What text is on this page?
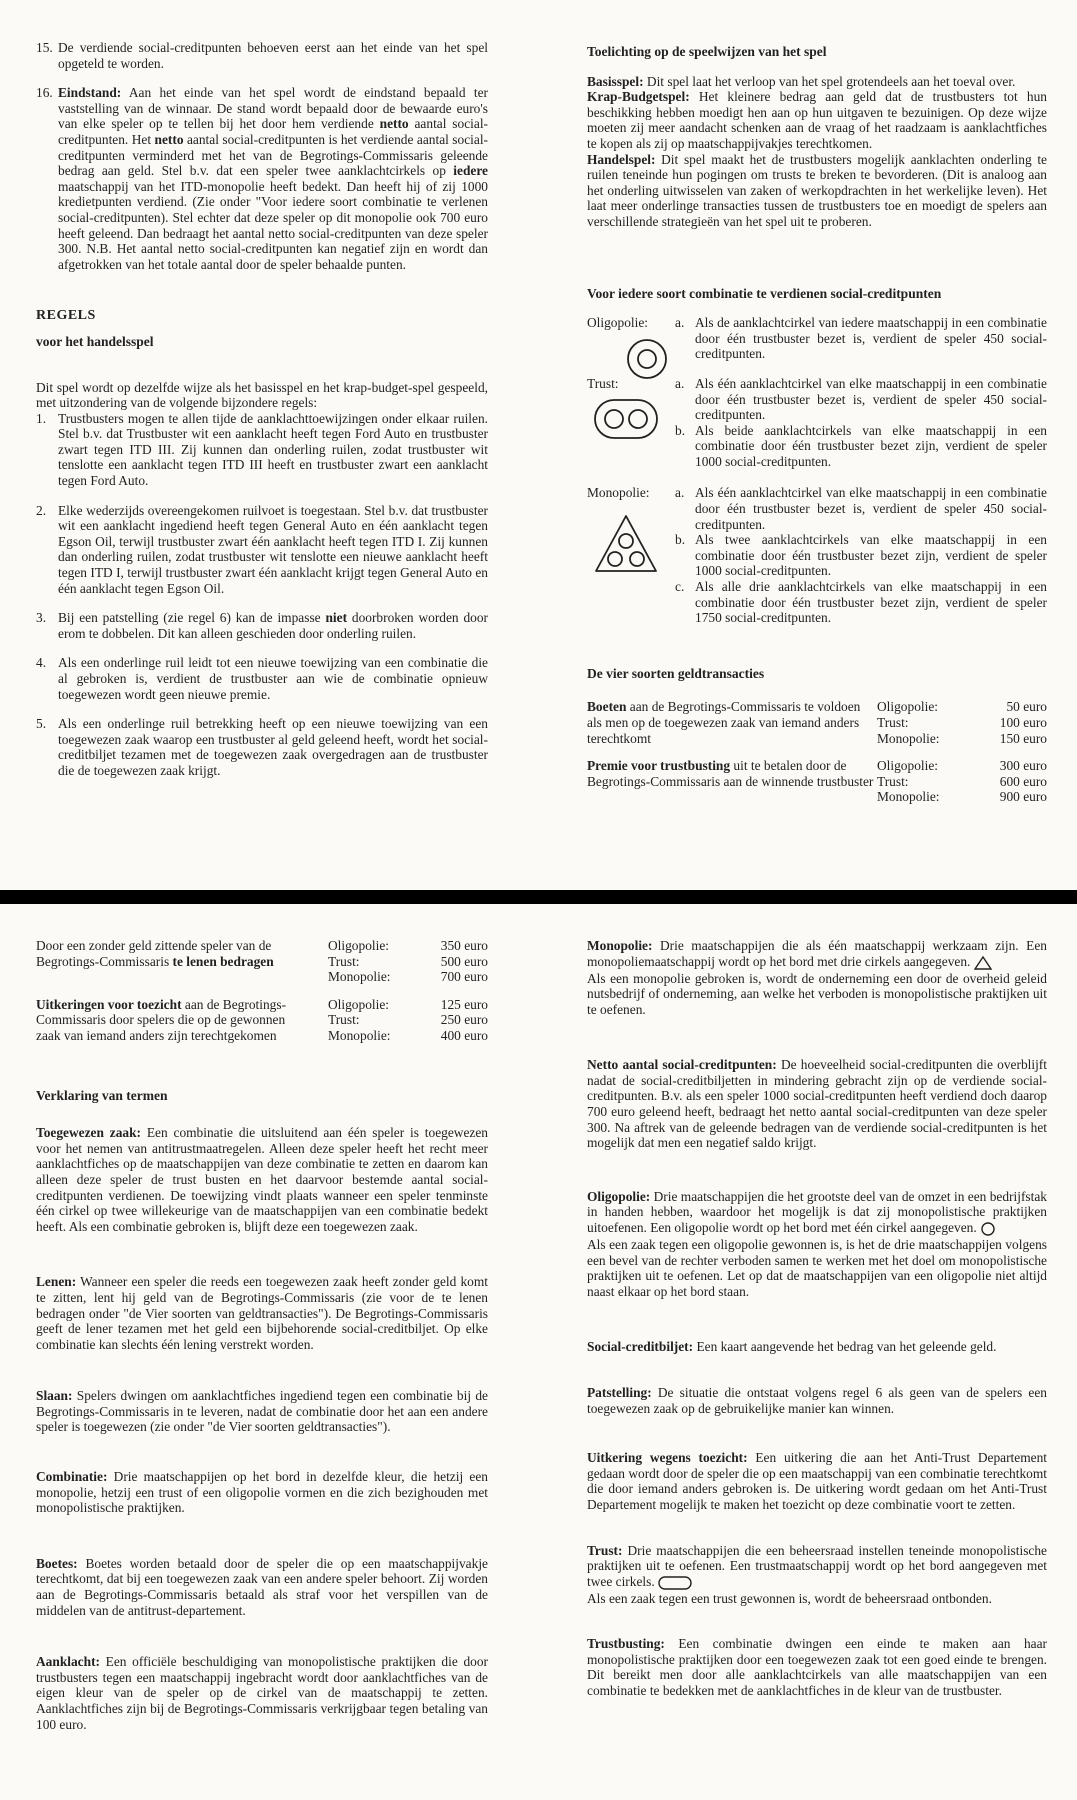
15. De verdiende social-creditpunten behoeven eerst aan het einde van het spel opgeteld te worden.
16. Eindstand: Aan het einde van het spel wordt de eindstand bepaald ter vaststelling van de winnaar. De stand wordt bepaald door de bewaarde euro's van elke speler op te tellen bij het door hem verdiende netto aantal social-creditpunten. Het netto aantal social-creditpunten is het verdiende aantal social-creditpunten verminderd met het van de Begrotings-Commissaris geleende bedrag aan geld. Stel b.v. dat een speler twee aanklachtcirkels op iedere maatschappij van het ITD-monopolie heeft bedekt. Dan heeft hij of zij 1000 kredietpunten verdiend. (Zie onder "Voor iedere soort combinatie te verlenen social-creditpunten). Stel echter dat deze speler op dit monopolie ook 700 euro heeft geleend. Dan bedraagt het aantal netto social-creditpunten van deze speler 300. N.B. Het aantal netto social-creditpunten kan negatief zijn en wordt dan afgetrokken van het totale aantal door de speler behaalde punten.

REGELS

voor het handelsspel

Dit spel wordt op dezelfde wijze als het basisspel en het krap-budget-spel gespeeld, met uitzondering van de volgende bijzondere regels:

1. Trustbusters mogen te allen tijde de aanklachttoewijzingen onder elkaar ruilen. Stel b.v. dat Trustbuster wit een aanklacht heeft tegen Ford Auto en trustbuster zwart tegen ITD III. Zij kunnen dan onderling ruilen, zodat trustbuster wit tenslotte een aanklacht tegen ITD III heeft en trustbuster zwart een aanklacht tegen Ford Auto.
2. Elke wederzijds overeengekomen ruilvoet is toegestaan. Stel b.v. dat trustbuster wit een aanklacht ingediend heeft tegen General Auto en één aanklacht tegen Egson Oil, terwijl trustbuster zwart één aanklacht heeft tegen ITD I. Zij kunnen dan onderling ruilen, zodat trustbuster wit tenslotte een nieuwe aanklacht heeft tegen ITD I, terwijl trustbuster zwart één aanklacht krijgt tegen General Auto en één aanklacht tegen Egson Oil.
3. Bij een patstelling (zie regel 6) kan de impasse niet doorbroken worden door erom te dobbelen. Dit kan alleen geschieden door onderling ruilen.
4. Als een onderlinge ruil leidt tot een nieuwe toewijzing van een combinatie die al gebroken is, verdient de trustbuster aan wie de combinatie opnieuw toegewezen wordt geen nieuwe premie.
5. Als een onderlinge ruil betrekking heeft op een nieuwe toewijzing van een toegewezen zaak waarop een trustbuster al geld geleend heeft, wordt het social-creditbiljet tezamen met de toegewezen zaak overgedragen aan de trustbuster die de toegewezen zaak krijgt.
Toelichting op de speelwijzen van het spel

Basisspel: Dit spel laat het verloop van het spel grotendeels aan het toeval over.

Krap-Budgetspel: Het kleinere bedrag aan geld dat de trustbusters tot hun beschikking hebben moedigt hen aan op hun uitgaven te bezuinigen. Op deze wijze moeten zij meer aandacht schenken aan de vraag of het raadzaam is aanklachtfiches te kopen als zij op maatschappijvakjes terechtkomen.

Handelspel: Dit spel maakt het de trustbusters mogelijk aanklachten onderling te ruilen teneinde hun pogingen om trusts te breken te bevorderen. (Dit is analoog aan het onderling uitwisselen van zaken of werkopdrachten in het werkelijke leven). Het laat meer onderlinge transacties tussen de trustbusters toe en moedigt de spelers aan verschillende strategieën van het spel uit te proberen.

Voor iedere soort combinatie te verdienen social-creditpunten
Oligopolie:	a. Als de aanklachtcirkel van iedere maatschappij in een combinatie door één trustbuster bezet is, verdient de speler 450 social-creditpunten.
Trust:	a. Als één aanklachtcirkel van elke maatschappij in een combinatie door één trustbuster bezet is, verdient de speler 450 social-creditpunten.
b. Als beide aanklachtcirkels van elke maatschappij in een combinatie door één trustbuster bezet zijn, verdient de speler 1000 social-creditpunten.
Monopolie:	a. Als één aanklachtcirkel van elke maatschappij in een combinatie door één trustbuster bezet is, verdient de speler 450 social-creditpunten.
b. Als twee aanklachtcirkels van elke maatschappij in een combinatie door één trustbuster bezet zijn, verdient de speler 1000 social-creditpunten.
c. Als alle drie aanklachtcirkels van elke maatschappij in een combinatie door één trustbuster bezet zijn, verdient de speler 1750 social-creditpunten.
De vier soorten geldtransacties
Boeten aan de Begrotings-Commissaris te voldoen als men op de toegewezen zaak van iemand anders terechtkomt
Oligopolie:	50 euro
Trust:	100 euro
Monopolie:	150 euro
Premie voor trustbusting uit te betalen door de Begrotings-Commissaris aan de winnende trustbuster
Oligopolie:	300 euro
Trust:	600 euro
Monopolie:	900 euro
Door een zonder geld zittende speler van de Begrotings-Commissaris te lenen bedragen
Oligopolie:	350 euro
Trust:	500 euro
Monopolie:	700 euro
Uitkeringen voor toezicht aan de Begrotings-Commissaris door spelers die op de gewonnen zaak van iemand anders zijn terechtgekomen
Oligopolie:	125 euro
Trust:	250 euro
Monopolie:	400 euro
Verklaring van termen

Toegewezen zaak: Een combinatie die uitsluitend aan één speler is toegewezen voor het nemen van antitrustmaatregelen. Alleen deze speler heeft het recht meer aanklachtfiches op de maatschappijen van deze combinatie te zetten en daarom kan alleen deze speler de trust busten en het daarvoor bestemde aantal social-creditpunten verdienen. De toewijzing vindt plaats wanneer een speler tenminste één cirkel op twee willekeurige van de maatschappijen van een combinatie bedekt heeft. Als een combinatie gebroken is, blijft deze een toegewezen zaak.

Lenen: Wanneer een speler die reeds een toegewezen zaak heeft zonder geld komt te zitten, lent hij geld van de Begrotings-Commissaris (zie voor de te lenen bedragen onder "de Vier soorten van geldtransacties"). De Begrotings-Commissaris geeft de lener tezamen met het geld een bijbehorende social-creditbiljet. Op elke combinatie kan slechts één lening verstrekt worden.

Slaan: Spelers dwingen om aanklachtfiches ingediend tegen een combinatie bij de Begrotings-Commissaris in te leveren, nadat de combinatie door het aan een andere speler is toegewezen (zie onder "de Vier soorten geldtransacties").

Combinatie: Drie maatschappijen op het bord in dezelfde kleur, die hetzij een monopolie, hetzij een trust of een oligopolie vormen en die zich bezighouden met monopolistische praktijken.

Boetes: Boetes worden betaald door de speler die op een maatschappijvakje terechtkomt, dat bij een toegewezen zaak van een andere speler behoort. Zij worden aan de Begrotings-Commissaris betaald als straf voor het verspillen van de middelen van de antitrust-departement.

Aanklacht: Een officiële beschuldiging van monopolistische praktijken die door trustbusters tegen een maatschappij ingebracht wordt door aanklachtfiches van de eigen kleur van de speler op de cirkel van de maatschappij te zetten. Aanklachtfiches zijn bij de Begrotings-Commissaris verkrijgbaar tegen betaling van 100 euro.

Monopolie: Drie maatschappijen die als één maatschappij werkzaam zijn. Een monopoliemaatschappij wordt op het bord met drie cirkels aangegeven.

Als een monopolie gebroken is, wordt de onderneming een door de overheid geleid nutsbedrijf of onderneming, aan welke het verboden is monopolistische praktijken uit te oefenen.

Netto aantal social-creditpunten: De hoeveelheid social-creditpunten die overblijft nadat de social-creditbiljetten in mindering gebracht zijn op de verdiende social-creditpunten. B.v. als een speler 1000 social-creditpunten heeft verdiend doch daarop 700 euro geleend heeft, bedraagt het netto aantal social-creditpunten van deze speler 300. Na aftrek van de geleende bedragen van de verdiende social-creditpunten is het mogelijk dat men een negatief saldo krijgt.

Oligopolie: Drie maatschappijen die het grootste deel van de omzet in een bedrijfstak in handen hebben, waardoor het mogelijk is dat zij monopolistische praktijken uitoefenen. Een oligopolie wordt op het bord met één cirkel aangegeven.

Als een zaak tegen een oligopolie gewonnen is, is het de drie maatschappijen volgens een bevel van de rechter verboden samen te werken met het doel om monopolistische praktijken uit te oefenen. Let op dat de maatschappijen van een oligopolie niet altijd naast elkaar op het bord staan.

Social-creditbiljet: Een kaart aangevende het bedrag van het geleende geld.

Patstelling: De situatie die ontstaat volgens regel 6 als geen van de spelers een toegewezen zaak op de gebruikelijke manier kan winnen.

Uitkering wegens toezicht: Een uitkering die aan het Anti-Trust Departement gedaan wordt door de speler die op een maatschappij van een combinatie terechtkomt die door iemand anders gebroken is. De uitkering wordt gedaan om het Anti-Trust Departement mogelijk te maken het toezicht op deze combinatie voort te zetten.

Trust: Drie maatschappijen die een beheersraad instellen teneinde monopolistische praktijken uit te oefenen. Een trustmaatschappij wordt op het bord aangegeven met twee cirkels.

Als een zaak tegen een trust gewonnen is, wordt de beheersraad ontbonden.

Trustbusting: Een combinatie dwingen een einde te maken aan haar monopolistische praktijken door een toegewezen zaak tot een goed einde te brengen. Dit bereikt men door alle aanklachtcirkels van alle maatschappijen van een combinatie te bedekken met de aanklachtfiches in de kleur van de trustbuster.
